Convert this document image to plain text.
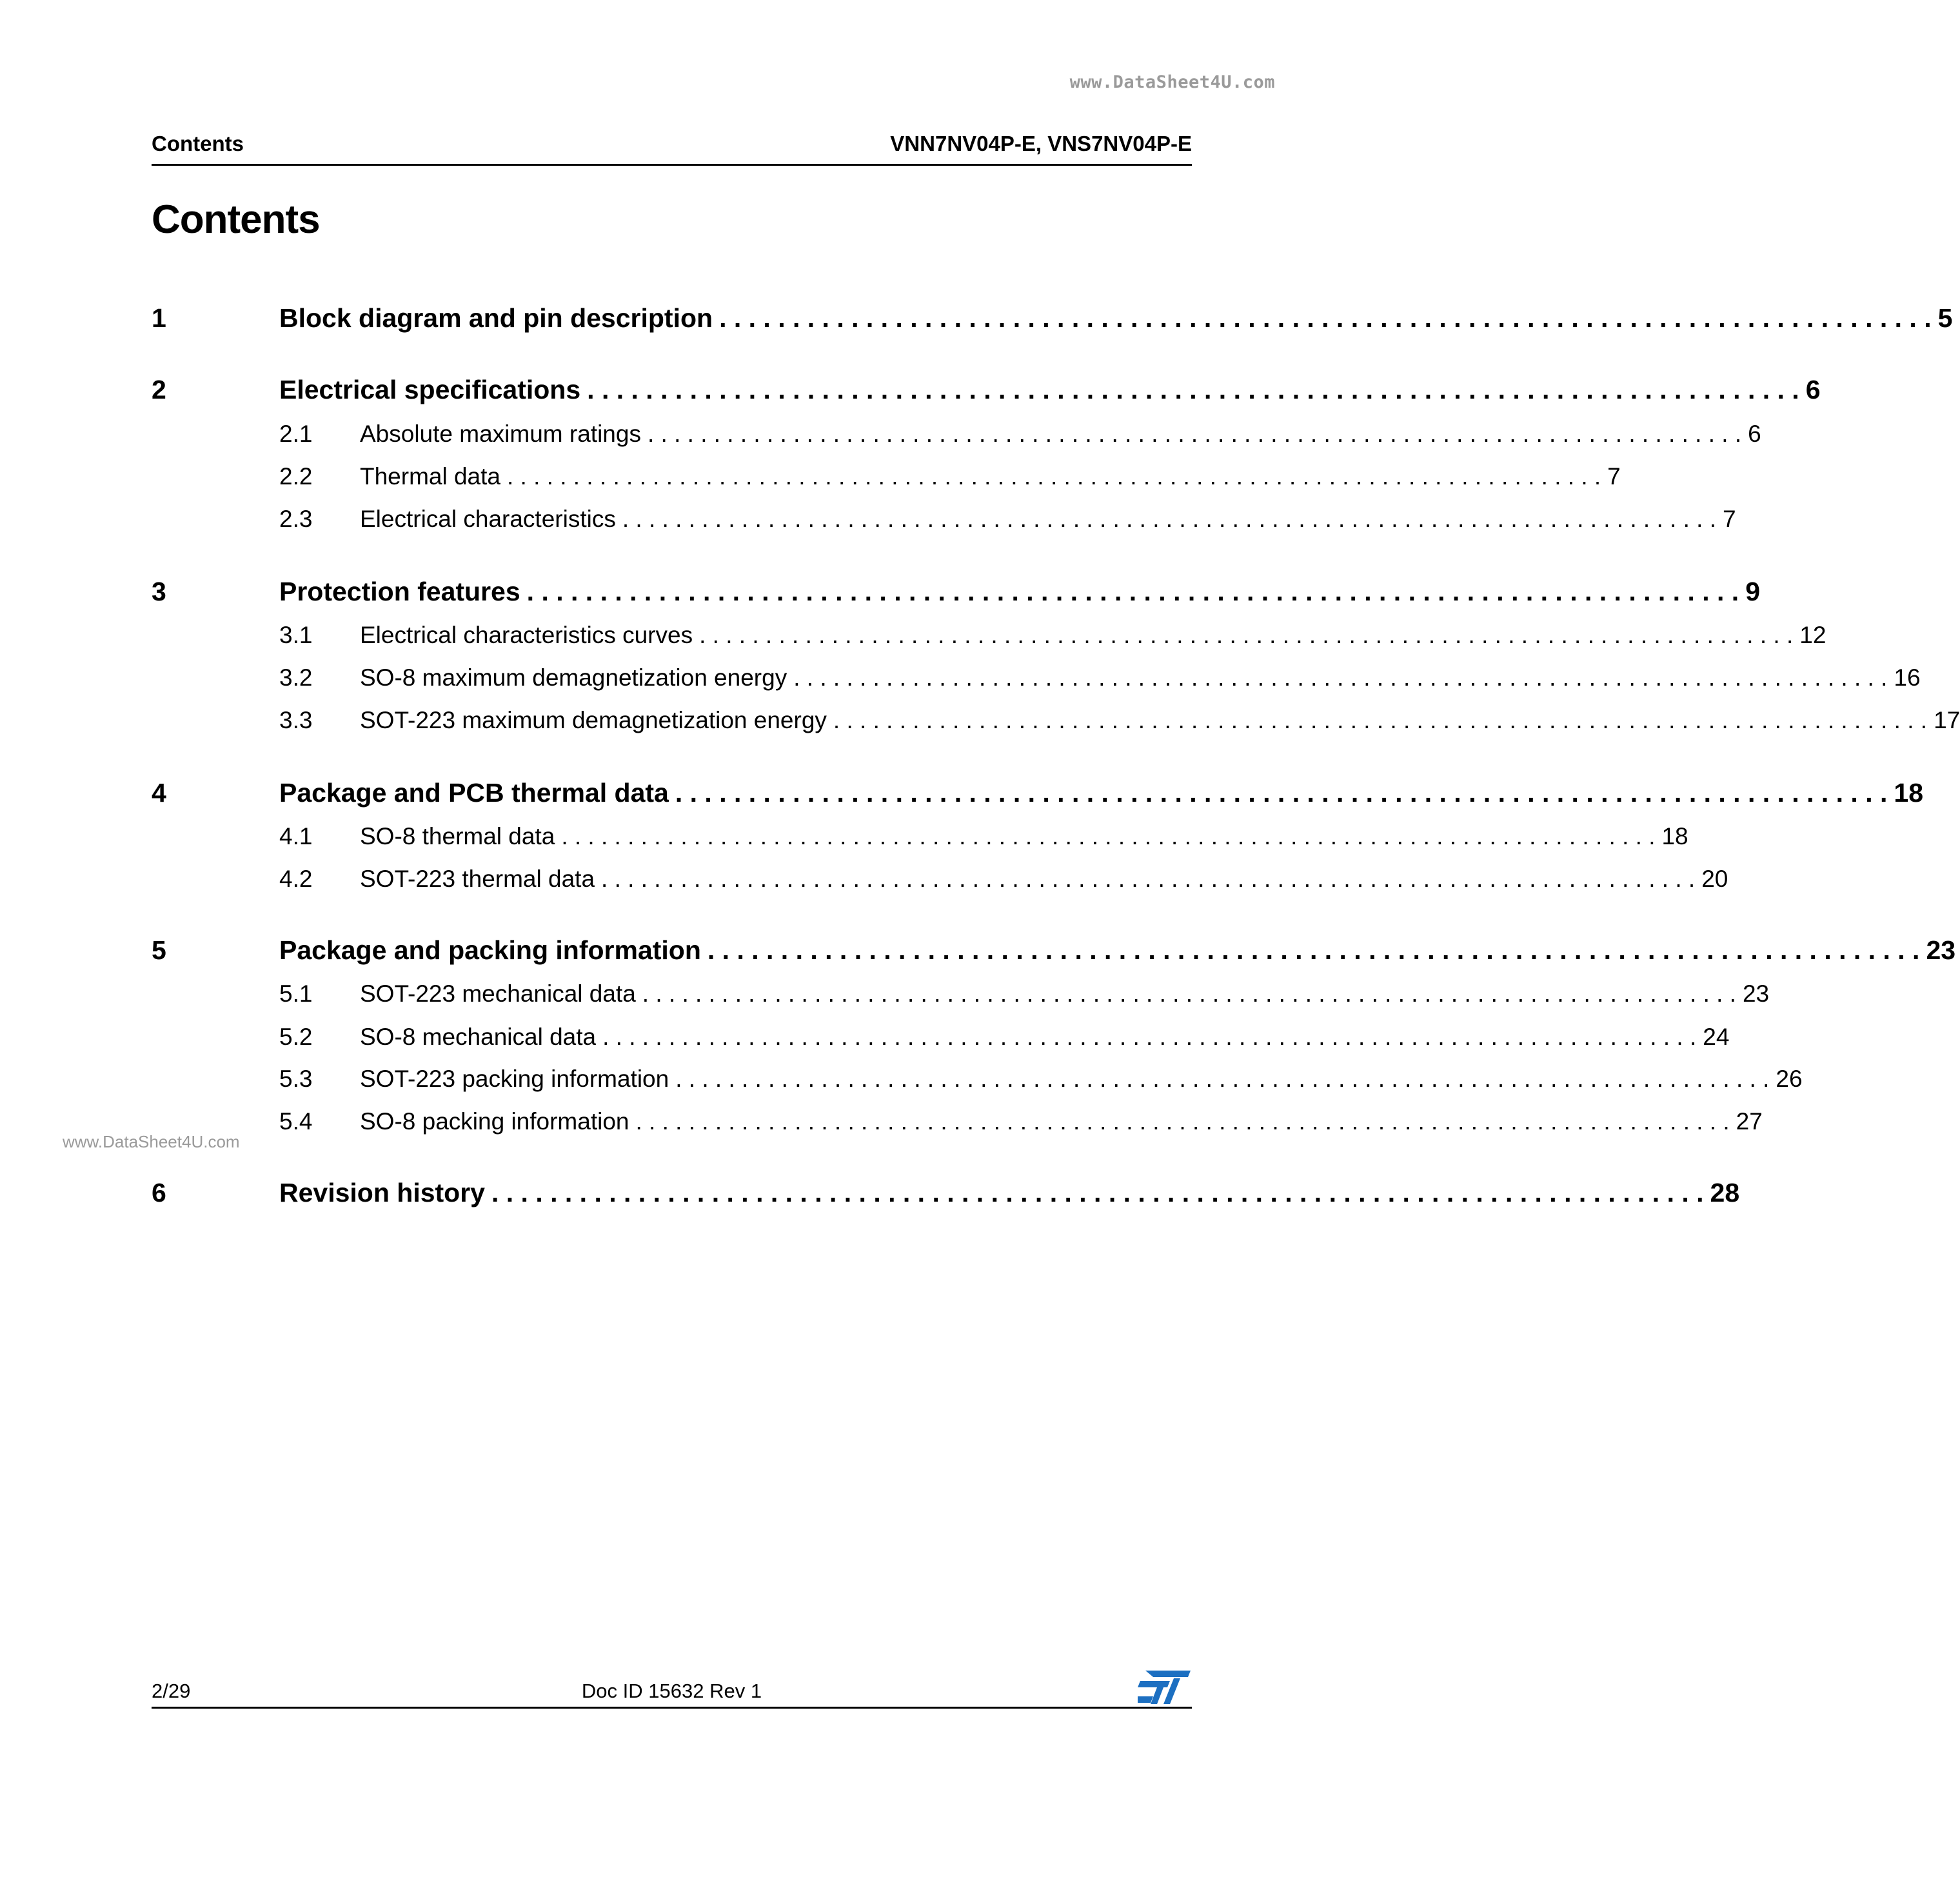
www.DataSheet4U.com
www.DataSheet4U.com
Contents	VNN7NV04P-E, VNS7NV04P-E
Contents
1	Block diagram and pin description . . . . . . . . . . . . . . . . . . . . . . . . . . . . . . . . . . . . . . . . . . . . . . . . . . . . . . . . . . . . . . . . . . . . . . . . . . . . . . . . . . . 5
2	Electrical specifications . . . . . . . . . . . . . . . . . . . . . . . . . . . . . . . . . . . . . . . . . . . . . . . . . . . . . . . . . . . . . . . . . . . . . . . . . . . . . . . . . . . 6
2.1 Absolute maximum ratings . . . . . . . . . . . . . . . . . . . . . . . . . . . . . . . . . . . . . . . . . . . . . . . . . . . . . . . . . . . . . . . . . . . . . . . . . . . . . . . . . . . 6
2.2 Thermal data . . . . . . . . . . . . . . . . . . . . . . . . . . . . . . . . . . . . . . . . . . . . . . . . . . . . . . . . . . . . . . . . . . . . . . . . . . . . . . . . . . . 7
2.3 Electrical characteristics . . . . . . . . . . . . . . . . . . . . . . . . . . . . . . . . . . . . . . . . . . . . . . . . . . . . . . . . . . . . . . . . . . . . . . . . . . . . . . . . . . . 7
3	Protection features . . . . . . . . . . . . . . . . . . . . . . . . . . . . . . . . . . . . . . . . . . . . . . . . . . . . . . . . . . . . . . . . . . . . . . . . . . . . . . . . . . . 9
3.1 Electrical characteristics curves . . . . . . . . . . . . . . . . . . . . . . . . . . . . . . . . . . . . . . . . . . . . . . . . . . . . . . . . . . . . . . . . . . . . . . . . . . . . . . . . . . . 12
3.2 SO-8 maximum demagnetization energy . . . . . . . . . . . . . . . . . . . . . . . . . . . . . . . . . . . . . . . . . . . . . . . . . . . . . . . . . . . . . . . . . . . . . . . . . . . . . . . . . . . 16
3.3 SOT-223 maximum demagnetization energy . . . . . . . . . . . . . . . . . . . . . . . . . . . . . . . . . . . . . . . . . . . . . . . . . . . . . . . . . . . . . . . . . . . . . . . . . . . . . . . . . . . 17
4	Package and PCB thermal data . . . . . . . . . . . . . . . . . . . . . . . . . . . . . . . . . . . . . . . . . . . . . . . . . . . . . . . . . . . . . . . . . . . . . . . . . . . . . . . . . . . 18
4.1 SO-8 thermal data . . . . . . . . . . . . . . . . . . . . . . . . . . . . . . . . . . . . . . . . . . . . . . . . . . . . . . . . . . . . . . . . . . . . . . . . . . . . . . . . . . . 18
4.2 SOT-223 thermal data . . . . . . . . . . . . . . . . . . . . . . . . . . . . . . . . . . . . . . . . . . . . . . . . . . . . . . . . . . . . . . . . . . . . . . . . . . . . . . . . . . . 20
5	Package and packing information . . . . . . . . . . . . . . . . . . . . . . . . . . . . . . . . . . . . . . . . . . . . . . . . . . . . . . . . . . . . . . . . . . . . . . . . . . . . . . . . . . . 23
5.1 SOT-223 mechanical data . . . . . . . . . . . . . . . . . . . . . . . . . . . . . . . . . . . . . . . . . . . . . . . . . . . . . . . . . . . . . . . . . . . . . . . . . . . . . . . . . . . 23
5.2 SO-8 mechanical data . . . . . . . . . . . . . . . . . . . . . . . . . . . . . . . . . . . . . . . . . . . . . . . . . . . . . . . . . . . . . . . . . . . . . . . . . . . . . . . . . . . 24
5.3 SOT-223 packing information . . . . . . . . . . . . . . . . . . . . . . . . . . . . . . . . . . . . . . . . . . . . . . . . . . . . . . . . . . . . . . . . . . . . . . . . . . . . . . . . . . . 26
5.4 SO-8 packing information . . . . . . . . . . . . . . . . . . . . . . . . . . . . . . . . . . . . . . . . . . . . . . . . . . . . . . . . . . . . . . . . . . . . . . . . . . . . . . . . . . . 27
6	Revision history . . . . . . . . . . . . . . . . . . . . . . . . . . . . . . . . . . . . . . . . . . . . . . . . . . . . . . . . . . . . . . . . . . . . . . . . . . . . . . . . . . . 28
2/29	Doc ID 15632 Rev 1
